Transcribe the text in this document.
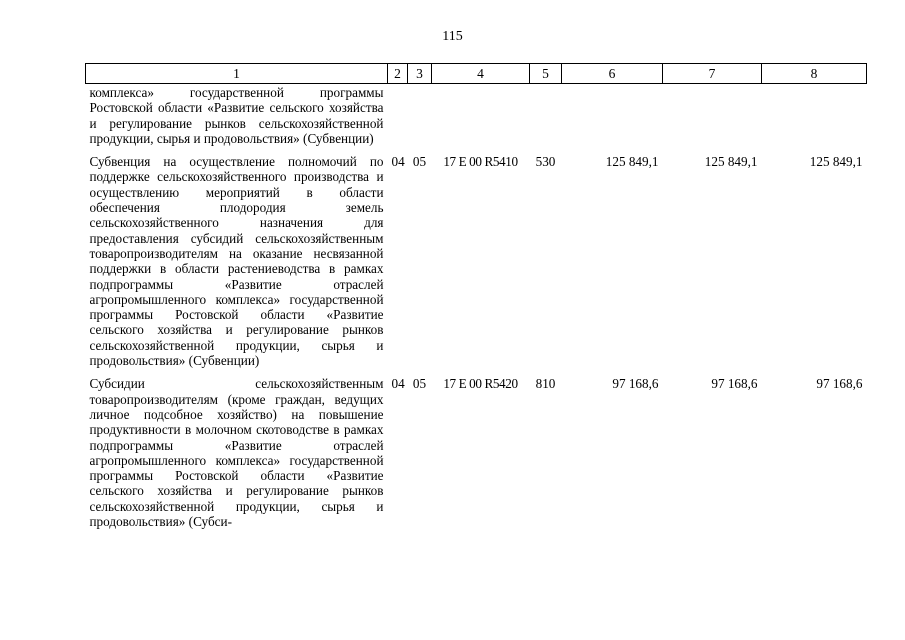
115
1	2	3	4	5	6	7	8
комплекса» государственной программы Ростовской области «Развитие сельского хозяйства и регулирование рынков сельскохозяйственной продукции, сырья и продовольствия» (Субвенции)							
Субвенция на осуществление полномочий по поддержке сельскохозяйственного производства и осуществлению мероприятий в области обеспечения плодородия земель сельскохозяйственного назначения для предоставления субсидий сельскохозяйственным товаропроизводителям на оказание несвязанной поддержки в области растениеводства в рамках подпрограммы «Развитие отраслей агропромышленного комплекса» государственной программы Ростовской области «Развитие сельского хозяйства и регулирование рынков сельскохозяйственной продукции, сырья и продовольствия» (Субвенции)	04	05	17 Е 00 R5410	530	125 849,1	125 849,1	125 849,1
Субсидии сельскохозяйственным товаропроизводителям (кроме граждан, ведущих личное подсобное хозяйство) на повышение продуктивности в молочном скотоводстве в рамках подпрограммы «Развитие отраслей агропромышленного комплекса» государственной программы Ростовской области «Развитие сельского хозяйства и регулирование рынков сельскохозяйственной продукции, сырья и продовольствия» (Субси-	04	05	17 Е 00 R5420	810	97 168,6	97 168,6	97 168,6
